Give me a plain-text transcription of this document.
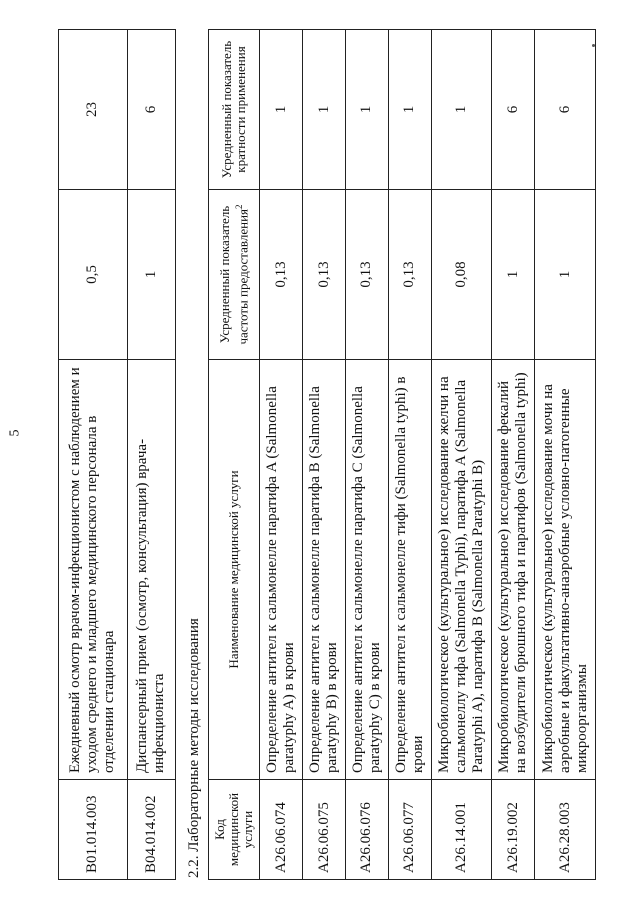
5
B01.014.003	Ежедневный осмотр врачом-инфекционистом с наблюдением и уходом среднего и младшего медицинского персонала в отделении стационара	0,5	23
B04.014.002	Диспансерный прием (осмотр, консультация) врача-инфекциониста	1	6
2.2. Лабораторные методы исследования Код медицинской услуги	Наименование медицинской услуги	Усредненный показатель частоты предоставления$^2$	Усредненный показатель кратности применения
A26.06.074	Определение антител к сальмонелле паратифа A (Salmonella paratyphy A) в крови	0,13	1
A26.06.075	Определение антител к сальмонелле паратифа B (Salmonella paratyphy B) в крови	0,13	1
A26.06.076	Определение антител к сальмонелле паратифа C (Salmonella paratyphy C) в крови	0,13	1
A26.06.077	Определение антител к сальмонелле тифи (Salmonella typhi) в крови	0,13	1
A26.14.001	Микробиологическое (культуральное) исследование желчи на сальмонеллу тифа (Salmonella Typhi), паратифа A (Salmonella Paratyphi A), паратифа B (Salmonella Paratyphi B)	0,08	1
A26.19.002	Микробиологическое (культуральное) исследование фекалий на возбудители брюшного тифа и паратифов (Salmonella typhi)	1	6
A26.28.003	Микробиологическое (культуральное) исследование мочи на аэробные и факультативно-анаэробные условно-патогенные микроорганизмы	1	6
